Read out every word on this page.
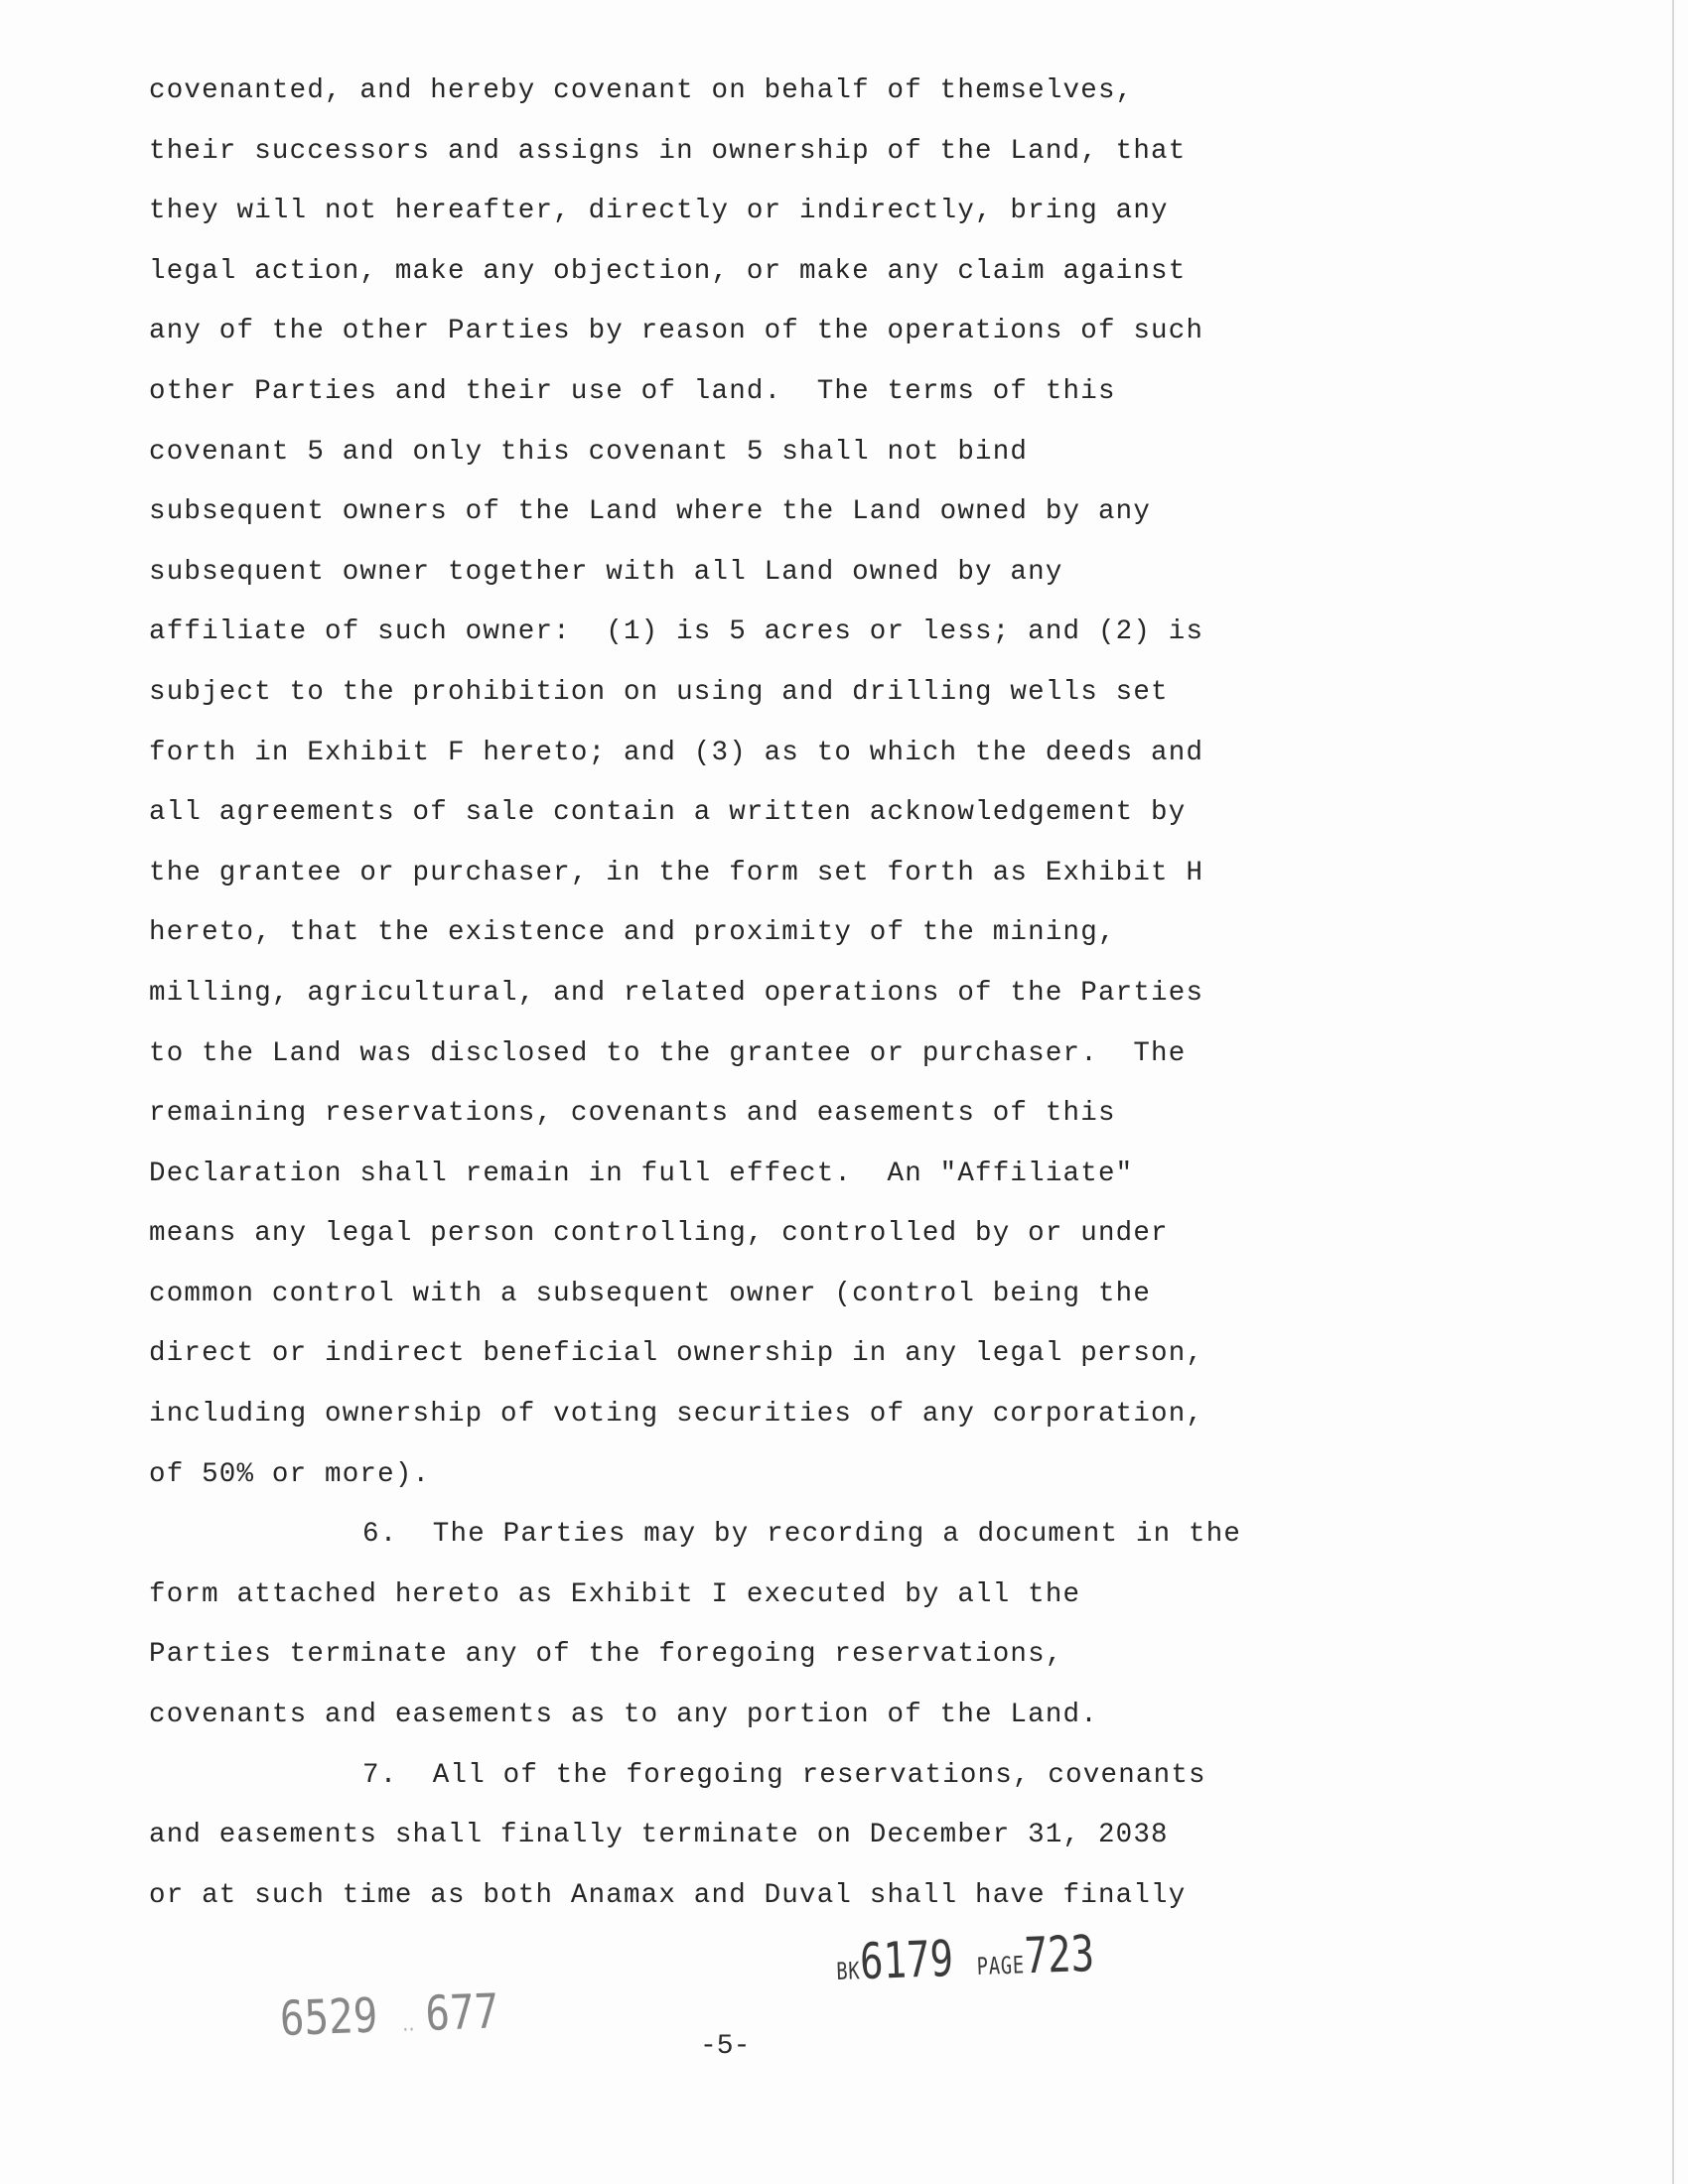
covenanted, and hereby covenant on behalf of themselves,
their successors and assigns in ownership of the Land, that
they will not hereafter, directly or indirectly, bring any
legal action, make any objection, or make any claim against
any of the other Parties by reason of the operations of such
other Parties and their use of land.  The terms of this
covenant 5 and only this covenant 5 shall not bind
subsequent owners of the Land where the Land owned by any
subsequent owner together with all Land owned by any
affiliate of such owner:  (1) is 5 acres or less; and (2) is
subject to the prohibition on using and drilling wells set
forth in Exhibit F hereto; and (3) as to which the deeds and
all agreements of sale contain a written acknowledgement by
the grantee or purchaser, in the form set forth as Exhibit H
hereto, that the existence and proximity of the mining,
milling, agricultural, and related operations of the Parties
to the Land was disclosed to the grantee or purchaser.  The
remaining reservations, covenants and easements of this
Declaration shall remain in full effect.  An "Affiliate"
means any legal person controlling, controlled by or under
common control with a subsequent owner (control being the
direct or indirect beneficial ownership in any legal person,
including ownership of voting securities of any corporation,
of 50% or more).
6.  The Parties may by recording a document in the
form attached hereto as Exhibit I executed by all the
Parties terminate any of the foregoing reservations,
covenants and easements as to any portion of the Land.
7.  All of the foregoing reservations, covenants
and easements shall finally terminate on December 31, 2038
or at such time as both Anamax and Duval shall have finally
6529 ‥ 677
BK6179 PAGE723
-5-
